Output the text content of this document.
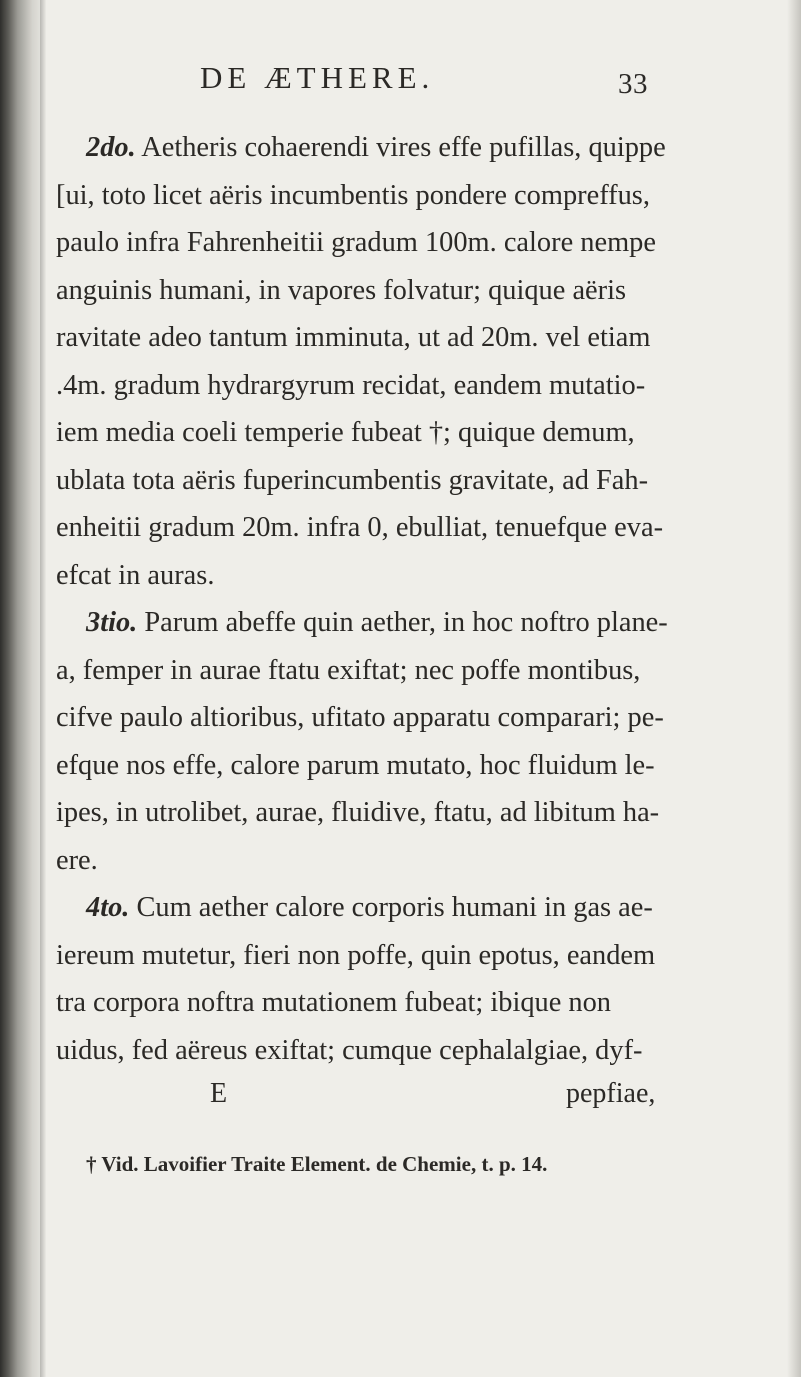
DE ÆTHERE.	33
2do. Aetheris cohaerendi vires effe pufillas, quippe
[ui, toto licet aëris incumbentis pondere compreffus,
paulo infra Fahrenheitii gradum 100m. calore nempe
anguinis humani, in vapores folvatur; quique aëris
ravitate adeo tantum imminuta, ut ad 20m. vel etiam
.4m. gradum hydrargyrum recidat, eandem mutatio-
iem media coeli temperie fubeat †; quique demum,
ublata tota aëris fuperincumbentis gravitate, ad Fah-
enheitii gradum 20m. infra 0, ebulliat, tenuefque eva-
efcat in auras.
3tio. Parum abeffe quin aether, in hoc noftro plane-
a, femper in aurae ftatu exiftat; nec poffe montibus,
cifve paulo altioribus, ufitato apparatu comparari; pe-
efque nos effe, calore parum mutato, hoc fluidum le-
ipes, in utrolibet, aurae, fluidive, ftatu, ad libitum ha-
ere.
4to. Cum aether calore corporis humani in gas ae-
iereum mutetur, fieri non poffe, quin epotus, eandem
tra corpora noftra mutationem fubeat; ibique non
uidus, fed aëreus exiftat; cumque cephalalgiae, dyf-
E	pepfiae,
† Vid. Lavoifier Traite Element. de Chemie, t. p. 14.
